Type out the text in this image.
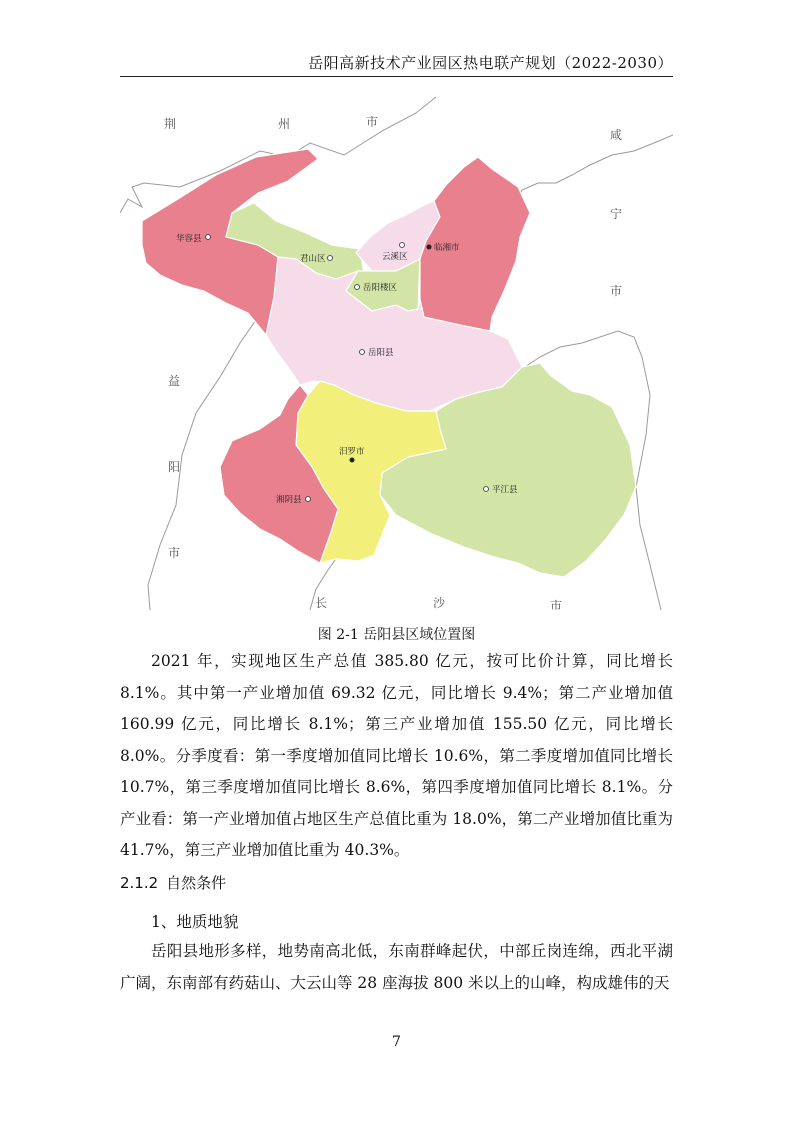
岳阳高新技术产业园区热电联产规划（2022-2030）
荆	州	市
咸
宁
市
益
阳
市
长	沙	市
华容县
君山区	云溪区
临湘市
岳阳楼区
岳阳县
汨罗市
平江县
湘阴县
图 2-1 岳阳县区域位置图

2021 年，实现地区生产总值 385.80 亿元，按可比价计算，同比增长 8.1%。其中第一产业增加值 69.32 亿元，同比增长 9.4%；第二产业增加值 160.99 亿元，同比增长 8.1%；第三产业增加值 155.50 亿元，同比增长 8.0%。分季度看：第一季度增加值同比增长 10.6%，第二季度增加值同比增长 10.7%，第三季度增加值同比增长 8.6%，第四季度增加值同比增长 8.1%。分产业看：第一产业增加值占地区生产总值比重为 18.0%，第二产业增加值比重为 41.7%，第三产业增加值比重为 40.3%。

2.1.2 自然条件
1、地质地貌

岳阳县地形多样，地势南高北低，东南群峰起伏，中部丘岗连绵，西北平湖广阔，东南部有药菇山、大云山等 28 座海拔 800 米以上的山峰，构成雄伟的天

7
